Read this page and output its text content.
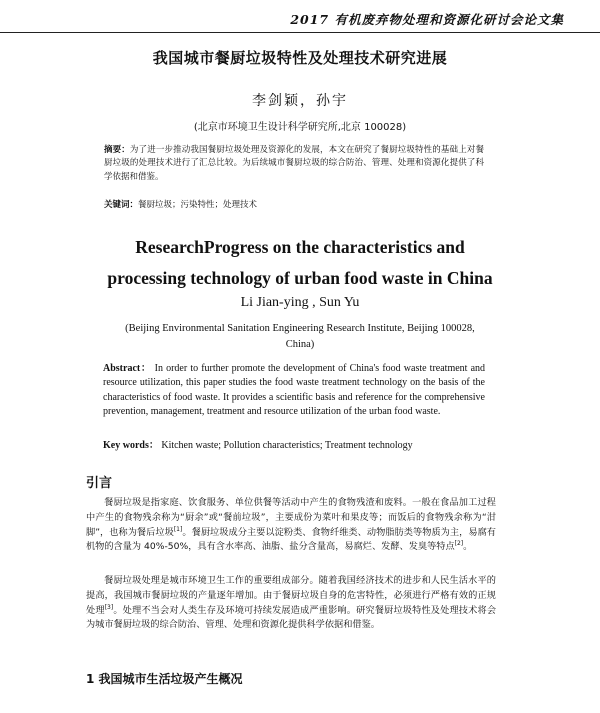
2017 有机废弃物处理和资源化研讨会论文集
我国城市餐厨垃圾特性及处理技术研究进展
李剑颖，孙宇
(北京市环境卫生设计科学研究所,北京 100028)
摘要：为了进一步推动我国餐厨垃圾处理及资源化的发展，本文在研究了餐厨垃圾特性的基础上对餐厨垃圾的处理技术进行了汇总比较。为后续城市餐厨垃圾的综合防治、管理、处理和资源化提供了科学依据和借鉴。
关键词：餐厨垃圾；污染特性；处理技术
ResearchProgress on the characteristics and
processing technology of urban food waste in China
Li Jian-ying , Sun Yu
(Beijing Environmental Sanitation Engineering Research Institute, Beijing 100028,
China)
Abstract： In order to further promote the development of China's food waste treatment and resource utilization, this paper studies the food waste treatment technology on the basis of the characteristics of food waste. It provides a scientific basis and reference for the comprehensive prevention, management, treatment and resource utilization of the urban food waste.
Key words： Kitchen waste; Pollution characteristics; Treatment technology
引言
餐厨垃圾是指家庭、饮食服务、单位供餐等活动中产生的食物残渣和废料。一般在食品加工过程中产生的食物残余称为“厨余”或“餐前垃圾”，主要成份为菜叶和果皮等；而饭后的食物残余称为“泔脚”，也称为餐后垃圾[1]。餐厨垃圾成分主要以淀粉类、食物纤维类、动物脂肪类等物质为主，易腐有机物的含量为 40%-50%，具有含水率高、油脂、盐分含量高，易腐烂、发酵、发臭等特点[2]。
餐厨垃圾处理是城市环境卫生工作的重要组成部分。随着我国经济技术的进步和人民生活水平的提高，我国城市餐厨垃圾的产量逐年增加。由于餐厨垃圾自身的危害特性，必须进行严格有效的正规处理[3]。处理不当会对人类生存及环境可持续发展造成严重影响。研究餐厨垃圾特性及处理技术将会为城市餐厨垃圾的综合防治、管理、处理和资源化提供科学依据和借鉴。
1 我国城市生活垃圾产生概况
